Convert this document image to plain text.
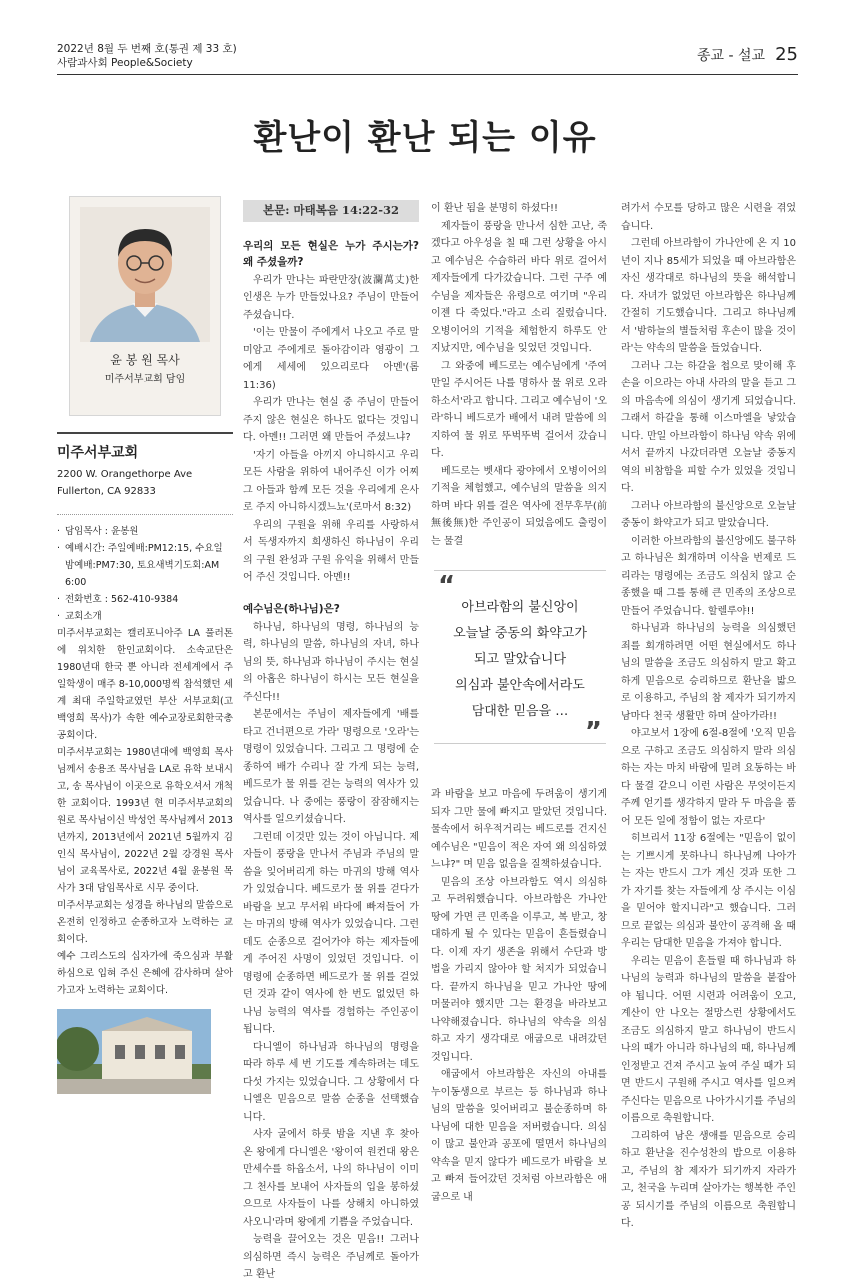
2022년 8월 두 번째 호(통권 제 33 호)
사람과사회 People&Society	종교 - 설교 25
환난이 환난 되는 이유
윤 봉 원 목사
미주서부교회 담임
미주서부교회
2200 W. Orangethorpe Ave
Fullerton, CA 92833
· 담임목사 : 윤봉원
· 예배시간: 주일예배:PM12:15, 수요일 밤예배:PM7:30, 토요새벽기도회:AM 6:00
· 전화번호 : 562-410-9384
· 교회소개
미주서부교회는 캘리포니아주 LA 풀러톤에 위치한 한인교회이다. 소속교단은 1980년대 한국 뿐 아니라 전세계에서 주일학생이 매주 8-10,000명씩 참석했던 세계 최대 주일학교였던 부산 서부교회(고 백영희 목사)가 속한 예수교장로회한국총공회이다.
미주서부교회는 1980년대에 백영희 목사님께서 송용조 목사님을 LA로 유학 보내시고, 송 목사님이 이곳으로 유학오셔서 개척한 교회이다. 1993년 현 미주서부교회의 원로 목사님이신 박성언 목사님께서 2013년까지, 2013년에서 2021년 5월까지 김인식 목사님이, 2022년 2월 강경원 목사님이 교육목사로, 2022년 4월 윤봉원 목사가 3대 담임목사로 시무 중이다.
미주서부교회는 성경을 하나님의 말씀으로 온전히 인정하고 순종하고자 노력하는 교회이다.
예수 그리스도의 십자가에 죽으심과 부활하심으로 입혀 주신 은혜에 감사하며 살아가고자 노력하는 교회이다.
본문: 마태복음 14:22-32
우리의 모든 현실은 누가 주시는가? 왜 주셨을까?

우리가 만나는 파란만장(波瀾萬丈)한 인생은 누가 만들었나요? 주님이 만들어 주셨습니다.

'이는 만물이 주에게서 나오고 주로 말미암고 주에게로 돌아감이라 영광이 그에게 세세에 있으리로다 아멘'(롬 11:36)

우리가 만나는 현실 중 주님이 만들어 주지 않은 현실은 하나도 없다는 것입니다. 아멘!! 그러면 왜 만들어 주셨느냐?

'자기 아들을 아끼지 아니하시고 우리 모든 사람을 위하여 내어주신 이가 어찌 그 아들과 함께 모든 것을 우리에게 은사로 주지 아니하시겠느뇨'(로마서 8:32)

우리의 구원을 위해 우리를 사랑하셔서 독생자까지 희생하신 하나님이 우리의 구원 완성과 구원 유익을 위해서 만들어 주신 것입니다. 아멘!!

예수님은(하나님)은?

하나님, 하나님의 명령, 하나님의 능력, 하나님의 말씀, 하나님의 자녀, 하나님의 뜻, 하나님과 하나님이 주시는 현실의 아홉은 하나님이 하시는 모든 현실을 주신다!!

본문에서는 주님이 제자들에게 '배를 타고 건너편으로 가라' 명령으로 '오라'는 명령이 있었습니다. 그리고 그 명령에 순종하여 배가 수리나 잘 가게 되는 능력, 베드로가 물 위를 걷는 능력의 역사가 있었습니다. 나 중에는 풍랑이 잠잠해지는 역사를 일으키셨습니다.

그런데 이것만 있는 것이 아닙니다. 제자들이 풍랑을 만나서 주님과 주님의 말씀을 잊어버리게 하는 마귀의 방해 역사가 있었습니다. 베드로가 물 위를 걷다가 바람을 보고 무서워 바다에 빠져들어 가는 마귀의 방해 역사가 있었습니다. 그런데도 순종으로 걸어가야 하는 제자들에게 주어진 사명이 있었던 것입니다. 이 명령에 순종하면 베드로가 물 위를 걸었던 것과 같이 역사에 한 번도 없었던 하나님 능력의 역사를 경험하는 주인공이 됩니다.

다니엘이 하나님과 하나님의 명령을 따라 하루 세 번 기도를 계속하려는 데도 다섯 가지는 있었습니다. 그 상황에서 다니엘은 믿음으로 말씀 순종을 선택했습니다.

사자 굴에서 하룻 밤을 지낸 후 찾아 온 왕에게 다니엘은 '왕이여 원컨대 왕은 만세수를 하옵소서, 나의 하나님이 이미 그 천사를 보내어 사자들의 입을 봉하셨으므로 사자들이 나를 상해치 아니하였사오니'라며 왕에게 기쁨을 주었습니다.

능력을 끌어오는 것은 믿음!! 그러나 의심하면 즉시 능력은 주님께로 돌아가고 환난

이 환난 됨을 분명히 하셨다!!

제자들이 풍랑을 만나서 심한 고난, 죽겠다고 아우성을 칠 때 그런 상황을 아시고 예수님은 수습하러 바다 위로 걸어서 제자들에게 다가갔습니다. 그런 구주 예수님을 제자들은 유령으로 여기며 "우리 이젠 다 죽었다."라고 소리 질렀습니다. 오병이어의 기적을 체험한지 하루도 안 지났지만, 예수님을 잊었던 것입니다.

그 와중에 베드로는 예수님에게 '주여 만일 주시어든 나를 명하사 물 위로 오라 하소서'라고 합니다. 그리고 예수님이 '오라'하니 베드로가 배에서 내려 말씀에 의지하여 물 위로 뚜벅뚜벅 걸어서 갔습니다.

베드로는 벳새다 광야에서 오병이어의 기적을 체험했고, 예수님의 말씀을 의지하며 바다 위를 걸은 역사에 전무후무(前無後無)한 주인공이 되었음에도 출렁이는 물결

“
아브라함의 불신앙이
오늘날 중동의 화약고가
되고 말았습니다
의심과 불안속에서라도
담대한 믿음을 …
”

과 바람을 보고 마음에 두려움이 생기게 되자 그만 물에 빠지고 말았던 것입니다. 물속에서 허우적거리는 베드로를 건지신 예수님은 "믿음이 적은 자여 왜 의심하였느냐?" 며 믿음 없음을 질책하셨습니다.

믿음의 조상 아브라함도 역시 의심하고 두려워했습니다. 아브라함은 가나안 땅에 가면 큰 민족을 이루고, 복 받고, 창대하게 될 수 있다는 믿음이 흔들렸습니다. 이제 자기 생존을 위해서 수단과 방법을 가리지 않아야 할 처지가 되었습니다. 끝까지 하나님을 믿고 가나안 땅에 머물러야 했지만 그는 환경을 바라보고 나약해졌습니다. 하나님의 약속을 의심하고 자기 생각대로 애굽으로 내려갔던 것입니다.

애굽에서 아브라함은 자신의 아내를 누이동생으로 부르는 등 하나님과 하나님의 말씀을 잊어버리고 불순종하며 하나님에 대한 믿음을 저버렸습니다. 의심이 많고 불안과 공포에 떨면서 하나님의 약속을 믿지 않다가 베드로가 바람을 보고 빠져 들어갔던 것처럼 아브라함은 애굽으로 내

려가서 수모를 당하고 많은 시련을 겪었습니다.

그런데 아브라함이 가나안에 온 지 10년이 지나 85세가 되었을 때 아브라함은 자신 생각대로 하나님의 뜻을 해석합니다. 자녀가 없었던 아브라함은 하나님께 간절히 기도했습니다. 그리고 하나님께서 '밤하늘의 별들처럼 후손이 많을 것이라'는 약속의 말씀을 들었습니다.

그러나 그는 하갈을 첩으로 맞이해 후손을 이으라는 아내 사라의 말을 듣고 그의 마음속에 의심이 생기게 되었습니다. 그래서 하갈을 통해 이스마엘을 낳았습니다. 만일 아브라함이 하나님 약속 위에 서서 끝까지 나갔더라면 오늘날 중동지역의 비참함을 피할 수가 있었을 것입니다.

그러나 아브라함의 불신앙으로 오늘날 중동이 화약고가 되고 말았습니다.

이러한 아브라함의 불신앙에도 불구하고 하나님은 회개하며 이삭을 번제로 드리라는 명령에는 조금도 의심치 않고 순종했을 때 그를 통해 큰 민족의 조상으로 만들어 주었습니다. 할렐루야!!

하나님과 하나님의 능력을 의심했던 죄를 회개하려면 어떤 현실에서도 하나님의 말씀을 조금도 의심하지 말고 확고하게 믿음으로 승리하므로 환난을 밟으로 이용하고, 주님의 참 제자가 되기까지 남마다 천국 생활만 하며 살아가라!!

야고보서 1장에 6절-8절에 '오직 믿음으로 구하고 조금도 의심하지 말라 의심하는 자는 마치 바람에 밀려 요동하는 바다 물결 같으니 이런 사람은 무엇이든지 주께 얻기를 생각하지 말라 두 마음을 품어 모든 일에 정함이 없는 자로다'

히브리서 11장 6절에는 "믿음이 없이는 기쁘시게 못하나니 하나님께 나아가는 자는 반드시 그가 계신 것과 또한 그가 자기를 찾는 자들에게 상 주시는 이심을 믿어야 할지니라"고 했습니다. 그러므로 끝없는 의심과 불안이 공격해 올 때 우리는 담대한 믿음을 가져야 합니다.

우리는 믿음이 흔들릴 때 하나님과 하나님의 능력과 하나님의 말씀을 붙잡아야 됩니다. 어떤 시련과 어려움이 오고, 계산이 안 나오는 절망스런 상황에서도 조금도 의심하지 말고 하나님이 반드시 나의 때가 아니라 하나님의 때, 하나님께 인정받고 건져 주시고 높여 주실 때가 되면 반드시 구원해 주시고 역사를 일으켜 주신다는 믿음으로 나아가시기를 주님의 이름으로 축원합니다.

그리하여 남은 생애를 믿음으로 승리하고 환난을 진수성찬의 밥으로 이용하고, 주님의 참 제자가 되기까지 자라가고, 천국을 누리며 살아가는 행복한 주인공 되시기를 주님의 이름으로 축원합니다.
